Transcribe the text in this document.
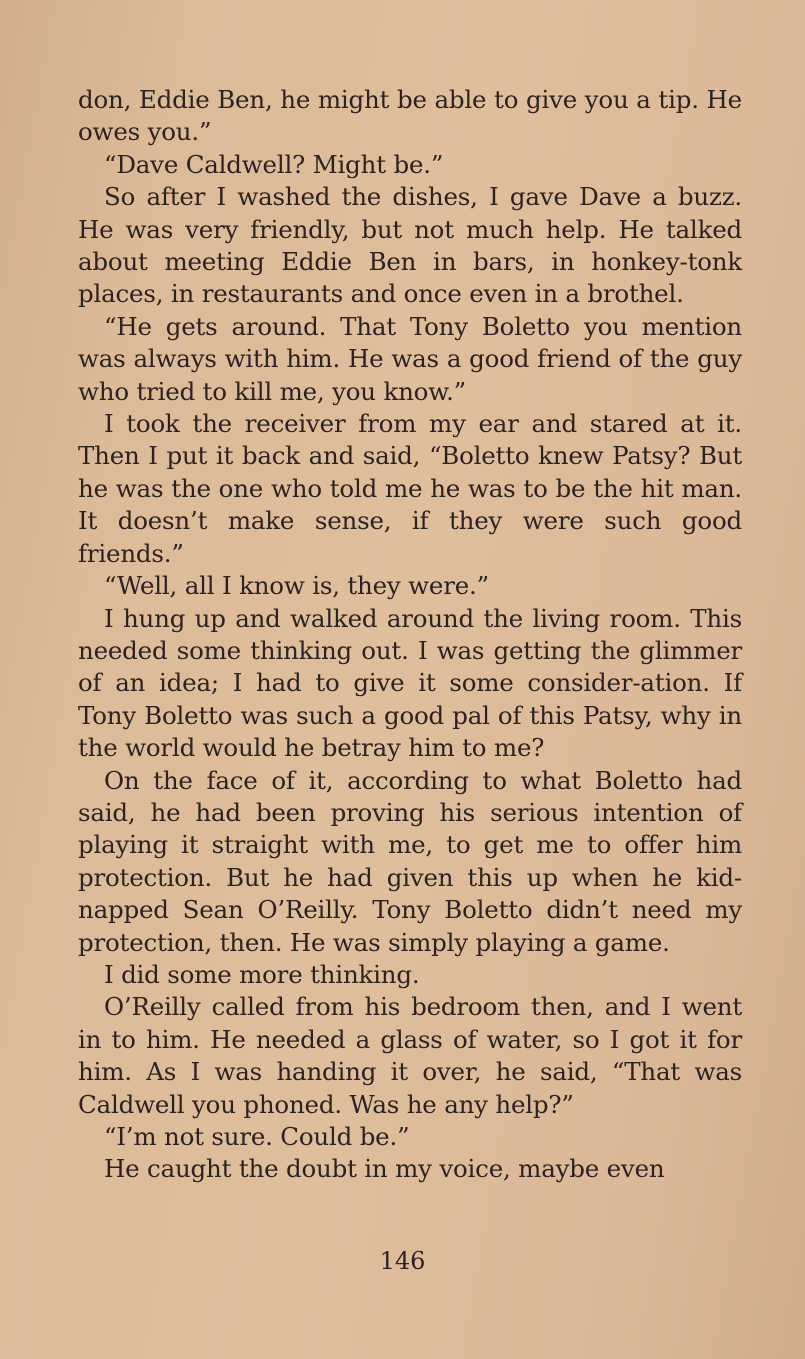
don, Eddie Ben, he might be able to give you a tip. He owes you.”

“Dave Caldwell? Might be.”

So after I washed the dishes, I gave Dave a buzz. He was very friendly, but not much help. He talked about meeting Eddie Ben in bars, in honkey-tonk places, in restaurants and once even in a brothel.

“He gets around. That Tony Boletto you mention was always with him. He was a good friend of the guy who tried to kill me, you know.”

I took the receiver from my ear and stared at it. Then I put it back and said, “Boletto knew Patsy? But he was the one who told me he was to be the hit man. It doesn’t make sense, if they were such good friends.”

“Well, all I know is, they were.”

I hung up and walked around the living room. This needed some thinking out. I was getting the glimmer of an idea; I had to give it some consider-ation. If Tony Boletto was such a good pal of this Patsy, why in the world would he betray him to me?

On the face of it, according to what Boletto had said, he had been proving his serious intention of playing it straight with me, to get me to offer him protection. But he had given this up when he kid-napped Sean O’Reilly. Tony Boletto didn’t need my protection, then. He was simply playing a game.

I did some more thinking.

O’Reilly called from his bedroom then, and I went in to him. He needed a glass of water, so I got it for him. As I was handing it over, he said, “That was Caldwell you phoned. Was he any help?”

“I’m not sure. Could be.”

He caught the doubt in my voice, maybe even

146
